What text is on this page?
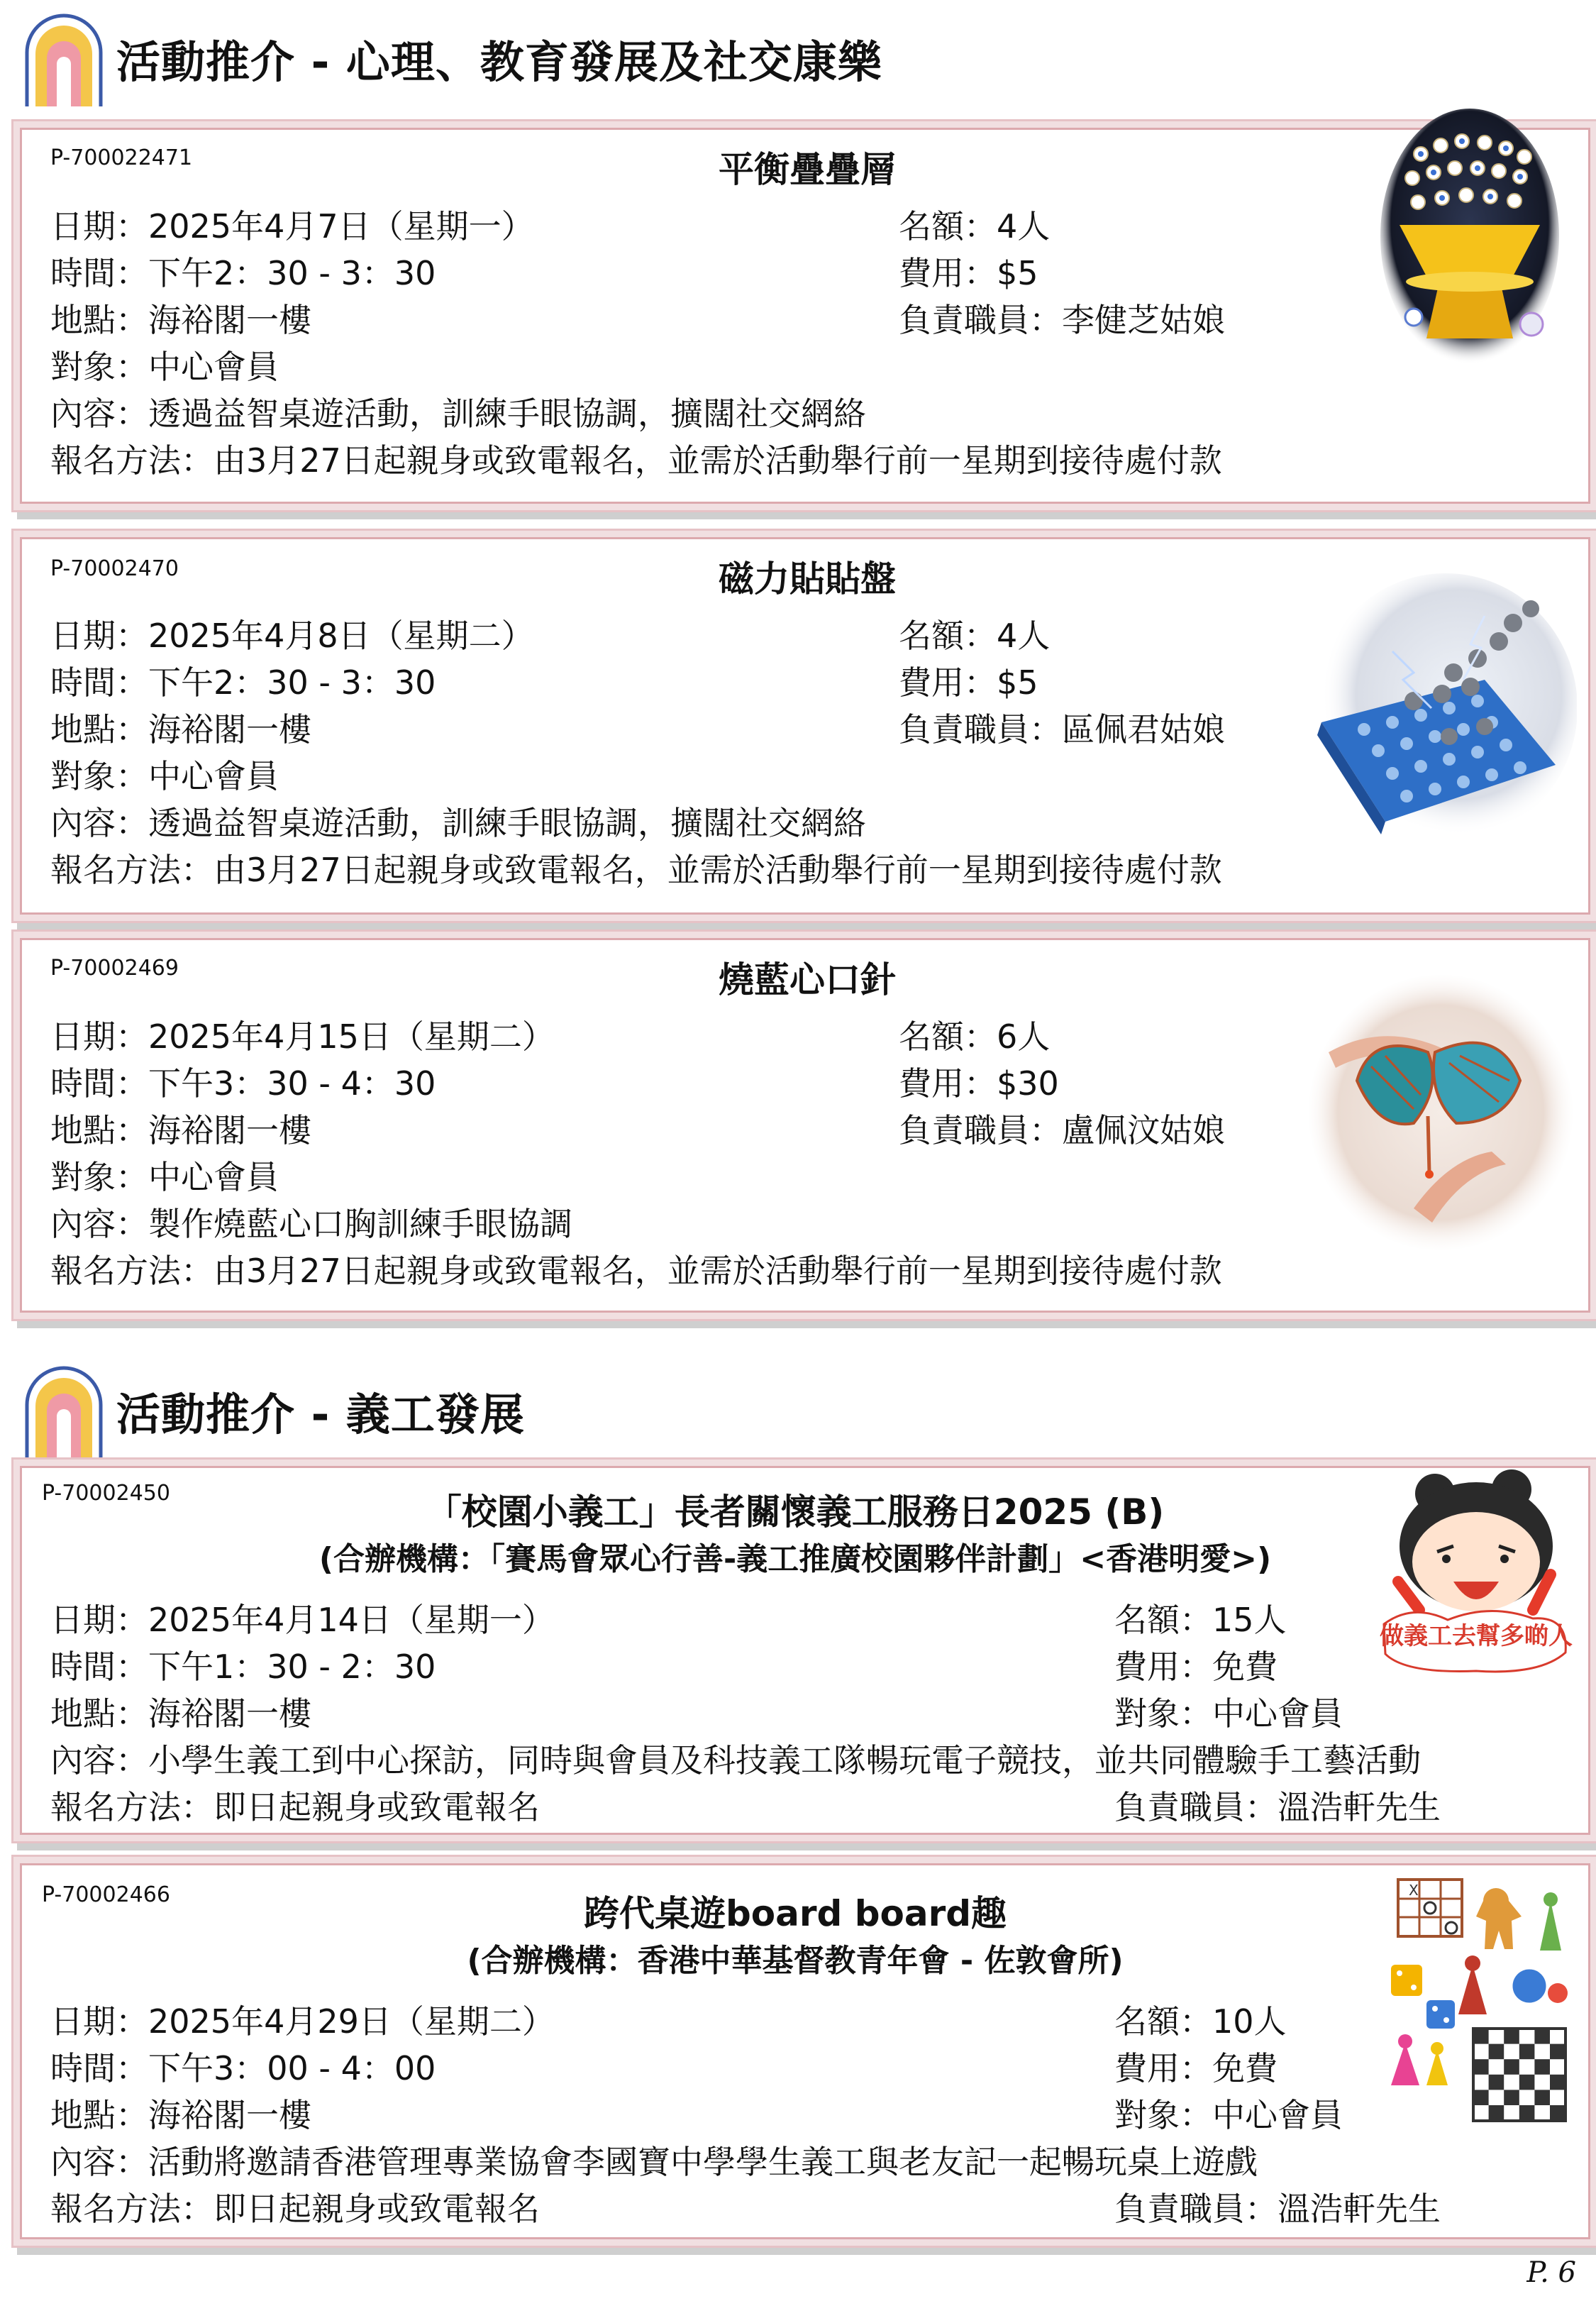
活動推介 - 心理、教育發展及社交康樂
P-700022471	平衡疊疊層
日期：2025年4月7日（星期一）
時間：下午2：30 - 3：30
地點：海裕閣一樓
對象：中心會員
內容：透過益智桌遊活動，訓練手眼協調，擴闊社交網絡
報名方法：由3月27日起親身或致電報名，並需於活動舉行前一星期到接待處付款
名額：4人
費用：$5
負責職員：李健芝姑娘
P-70002470	磁力貼貼盤
日期：2025年4月8日（星期二）
時間：下午2：30 - 3：30
地點：海裕閣一樓
對象：中心會員
內容：透過益智桌遊活動，訓練手眼協調，擴闊社交網絡
報名方法：由3月27日起親身或致電報名，並需於活動舉行前一星期到接待處付款
名額：4人
費用：$5
負責職員：區佩君姑娘
P-70002469	燒藍心口針
日期：2025年4月15日（星期二）
時間：下午3：30 - 4：30
地點：海裕閣一樓
對象：中心會員
內容：製作燒藍心口胸訓練手眼協調
報名方法：由3月27日起親身或致電報名，並需於活動舉行前一星期到接待處付款
名額：6人
費用：$30
負責職員：盧佩汶姑娘
活動推介 - 義工發展
P-70002450	「校園小義工」長者關懷義工服務日2025 (B)
(合辦機構：「賽馬會眾心行善-義工推廣校園夥伴計劃」<香港明愛>)
日期：2025年4月14日（星期一）
時間：下午1：30 - 2：30
地點：海裕閣一樓
內容：小學生義工到中心探訪，同時與會員及科技義工隊暢玩電子競技，並共同體驗手工藝活動
報名方法：即日起親身或致電報名
名額：15人
費用：免費
對象：中心會員
負責職員：溫浩軒先生
做義工去幫多啲人
P-70002466	跨代桌遊board board趣
(合辦機構：香港中華基督教青年會 - 佐敦會所)
日期：2025年4月29日（星期二）
時間：下午3：00 - 4：00
地點：海裕閣一樓
內容：活動將邀請香港管理專業協會李國寶中學學生義工與老友記一起暢玩桌上遊戲
報名方法：即日起親身或致電報名
名額：10人
費用：免費
對象：中心會員
負責職員：溫浩軒先生
X
P. 6
